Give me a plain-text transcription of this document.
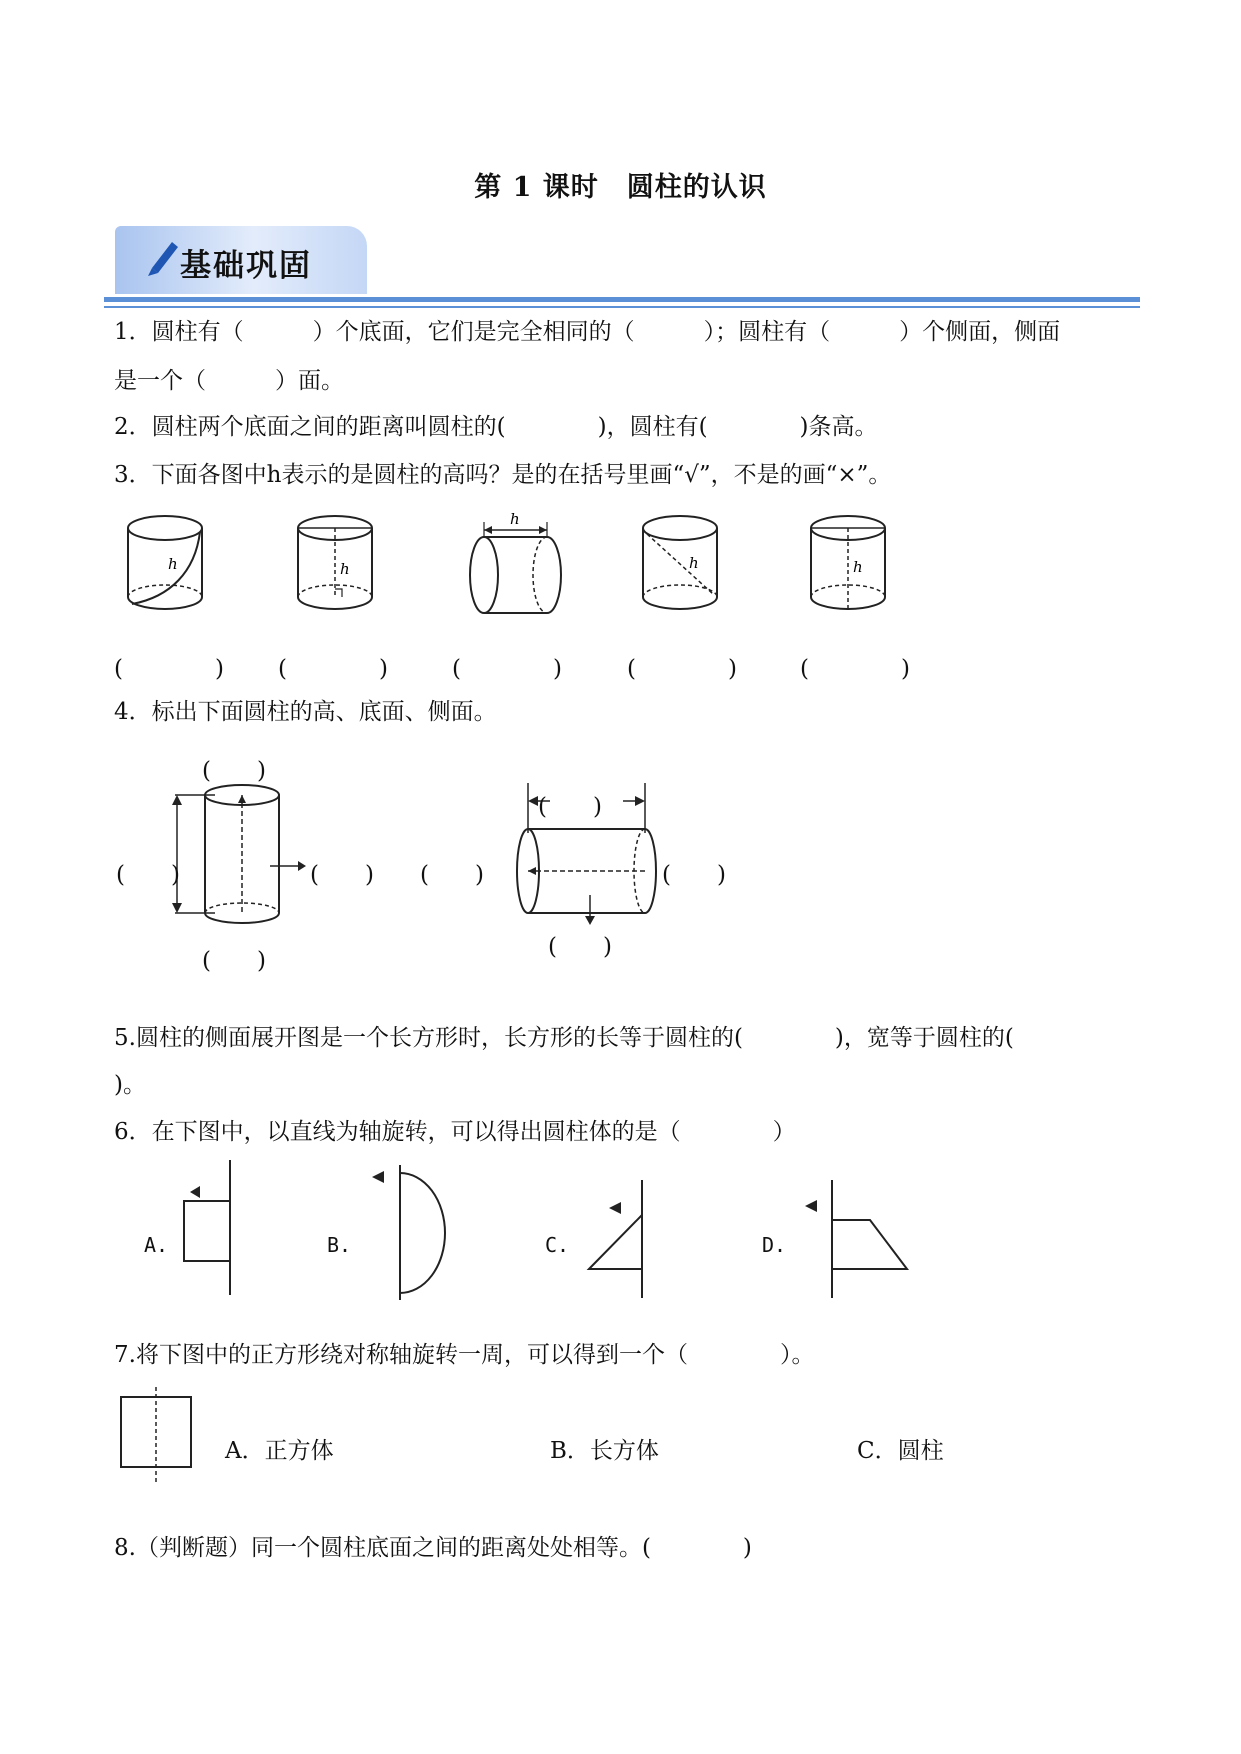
第 1 课时　圆柱的认识
基础巩固
1．圆柱有（　　　）个底面，它们是完全相同的（　　　）；圆柱有（　　　）个侧面，侧面
是一个（　　　）面。
2．圆柱两个底面之间的距离叫圆柱的(　　　　)，圆柱有(　　　　)条高。
3．下面各图中h表示的是圆柱的高吗？是的在括号里画“√”，不是的画“×”。
h	h
h
h	h
(　　　　) (　　　　)	(　　　　)	(　　　　)	(　　　　)
4．标出下面圆柱的高、底面、侧面。
(　　)
(　　)	(　　)
(　　)
(　　)
(　　)	(　　)
(　　)
5.圆柱的侧面展开图是一个长方形时，长方形的长等于圆柱的(　　　　)，宽等于圆柱的(
)。
6．在下图中，以直线为轴旋转，可以得出圆柱体的是（　　　　）
A.	B.	C.	D.
7.将下图中的正方形绕对称轴旋转一周，可以得到一个（　　　　）。
A．正方体	B．长方体	C．圆柱
8.（判断题）同一个圆柱底面之间的距离处处相等。(　　　　)
